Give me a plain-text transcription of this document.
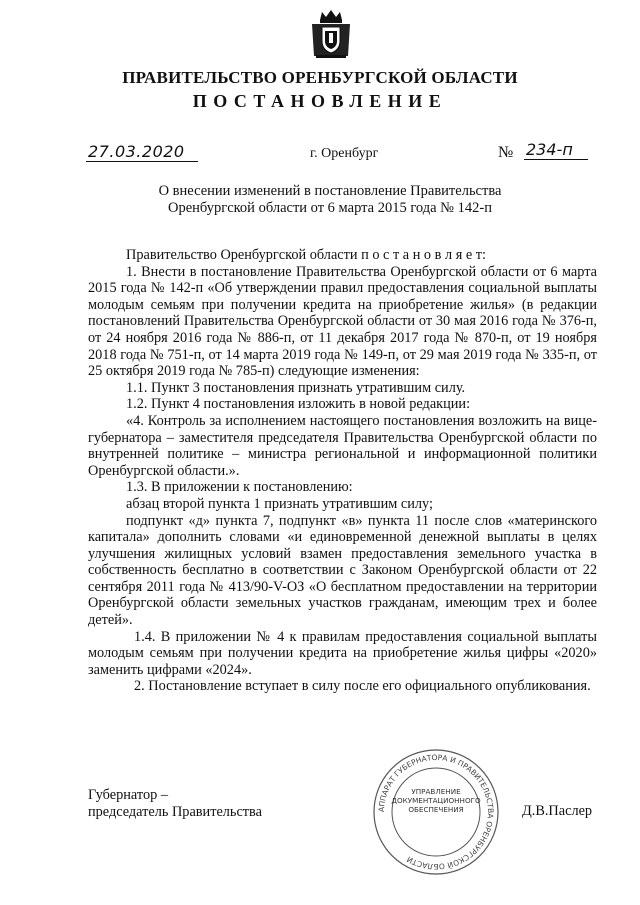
ПРАВИТЕЛЬСТВО ОРЕНБУРГСКОЙ ОБЛАСТИ
ПОСТАНОВЛЕНИЕ
27.03.2020	г. Оренбург	№ 234-п
О внесении изменений в постановление Правительства
Оренбургской области от 6 марта 2015 года № 142-п

Правительство Оренбургской области п о с т а н о в л я е т:

1. Внести в постановление Правительства Оренбургской области от 6 марта 2015 года № 142-п «Об утверждении правил предоставления социальной выплаты молодым семьям при получении кредита на приобретение жилья» (в редакции постановлений Правительства Оренбургской области от 30 мая 2016 года № 376-п, от 24 ноября 2016 года № 886-п, от 11 декабря 2017 года № 870-п, от 19 ноября 2018 года № 751-п, от 14 марта 2019 года № 149-п, от 29 мая 2019 года № 335-п, от 25 октября 2019 года № 785-п) следующие изменения:

1.1. Пункт 3 постановления признать утратившим силу.

1.2. Пункт 4 постановления изложить в новой редакции:

«4. Контроль за исполнением настоящего постановления возложить на вице-губернатора – заместителя председателя Правительства Оренбургской области по внутренней политике – министра региональной и информационной политики Оренбургской области.».

1.3. В приложении к постановлению:

абзац второй пункта 1 признать утратившим силу;

подпункт «д» пункта 7, подпункт «в» пункта 11 после слов «материнского капитала» дополнить словами «и единовременной денежной выплаты в целях улучшения жилищных условий взамен предоставления земельного участка в собственность бесплатно в соответствии с Законом Оренбургской области от 22 сентября 2011 года № 413/90-V-ОЗ «О бесплатном предоставлении на территории Оренбургской области земельных участков гражданам, имеющим трех и более детей».

1.4. В приложении № 4 к правилам предоставления социальной выплаты молодым семьям при получении кредита на приобретение жилья цифры «2020» заменить цифрами «2024».

2. Постановление вступает в силу после его официального опубликования.

Губернатор –
председатель Правительства	АППАРАТ ГУБЕРНАТОРА И ПРАВИТЕЛЬСТВА ОРЕНБУРГСКОЙ ОБЛАСТИ
УПРАВЛЕНИЕ
ДОКУМЕНТАЦИОННОГО
ОБЕСПЕЧЕНИЯ	Д.В.Паслер
